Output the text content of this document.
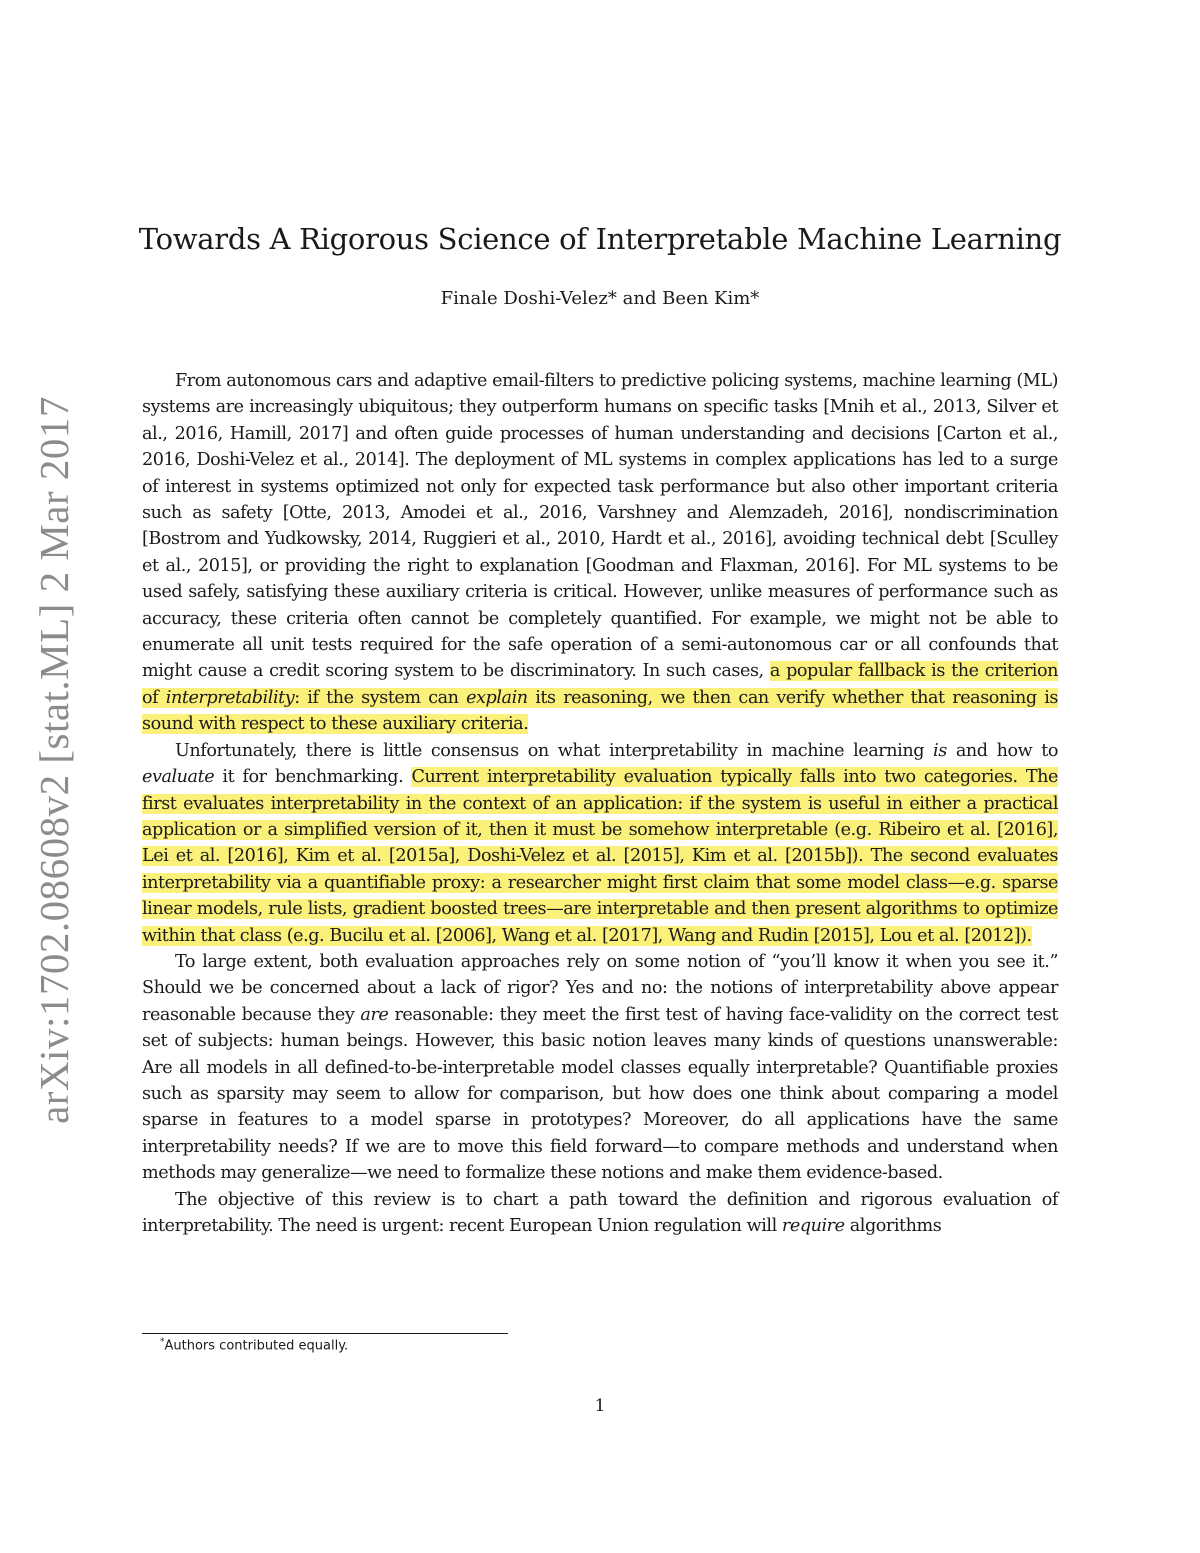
arXiv:1702.08608v2 [stat.ML] 2 Mar 2017
Towards A Rigorous Science of Interpretable Machine Learning
Finale Doshi-Velez* and Been Kim*

From autonomous cars and adaptive email-filters to predictive policing systems, machine learning (ML) systems are increasingly ubiquitous; they outperform humans on specific tasks [Mnih et al., 2013, Silver et al., 2016, Hamill, 2017] and often guide processes of human understanding and decisions [Carton et al., 2016, Doshi-Velez et al., 2014]. The deployment of ML systems in complex applications has led to a surge of interest in systems optimized not only for expected task performance but also other important criteria such as safety [Otte, 2013, Amodei et al., 2016, Varshney and Alemzadeh, 2016], nondiscrimination [Bostrom and Yudkowsky, 2014, Ruggieri et al., 2010, Hardt et al., 2016], avoiding technical debt [Sculley et al., 2015], or providing the right to explanation [Goodman and Flaxman, 2016]. For ML systems to be used safely, satisfying these auxiliary criteria is critical. However, unlike measures of performance such as accuracy, these criteria often cannot be completely quantified. For example, we might not be able to enumerate all unit tests required for the safe operation of a semi-autonomous car or all confounds that might cause a credit scoring system to be discriminatory. In such cases, a popular fallback is the criterion of interpretability: if the system can explain its reasoning, we then can verify whether that reasoning is sound with respect to these auxiliary criteria.

Unfortunately, there is little consensus on what interpretability in machine learning is and how to evaluate it for benchmarking. Current interpretability evaluation typically falls into two categories. The first evaluates interpretability in the context of an application: if the system is useful in either a practical application or a simplified version of it, then it must be somehow interpretable (e.g. Ribeiro et al. [2016], Lei et al. [2016], Kim et al. [2015a], Doshi-Velez et al. [2015], Kim et al. [2015b]). The second evaluates interpretability via a quantifiable proxy: a researcher might first claim that some model class—e.g. sparse linear models, rule lists, gradient boosted trees—are interpretable and then present algorithms to optimize within that class (e.g. Bucilu et al. [2006], Wang et al. [2017], Wang and Rudin [2015], Lou et al. [2012]).

To large extent, both evaluation approaches rely on some notion of “you’ll know it when you see it.” Should we be concerned about a lack of rigor? Yes and no: the notions of interpretability above appear reasonable because they are reasonable: they meet the first test of having face-validity on the correct test set of subjects: human beings. However, this basic notion leaves many kinds of questions unanswerable: Are all models in all defined-to-be-interpretable model classes equally interpretable? Quantifiable proxies such as sparsity may seem to allow for comparison, but how does one think about comparing a model sparse in features to a model sparse in prototypes? Moreover, do all applications have the same interpretability needs? If we are to move this field forward—to compare methods and understand when methods may generalize—we need to formalize these notions and make them evidence-based.

The objective of this review is to chart a path toward the definition and rigorous evaluation of interpretability. The need is urgent: recent European Union regulation will require algorithms

*Authors contributed equally.
1
